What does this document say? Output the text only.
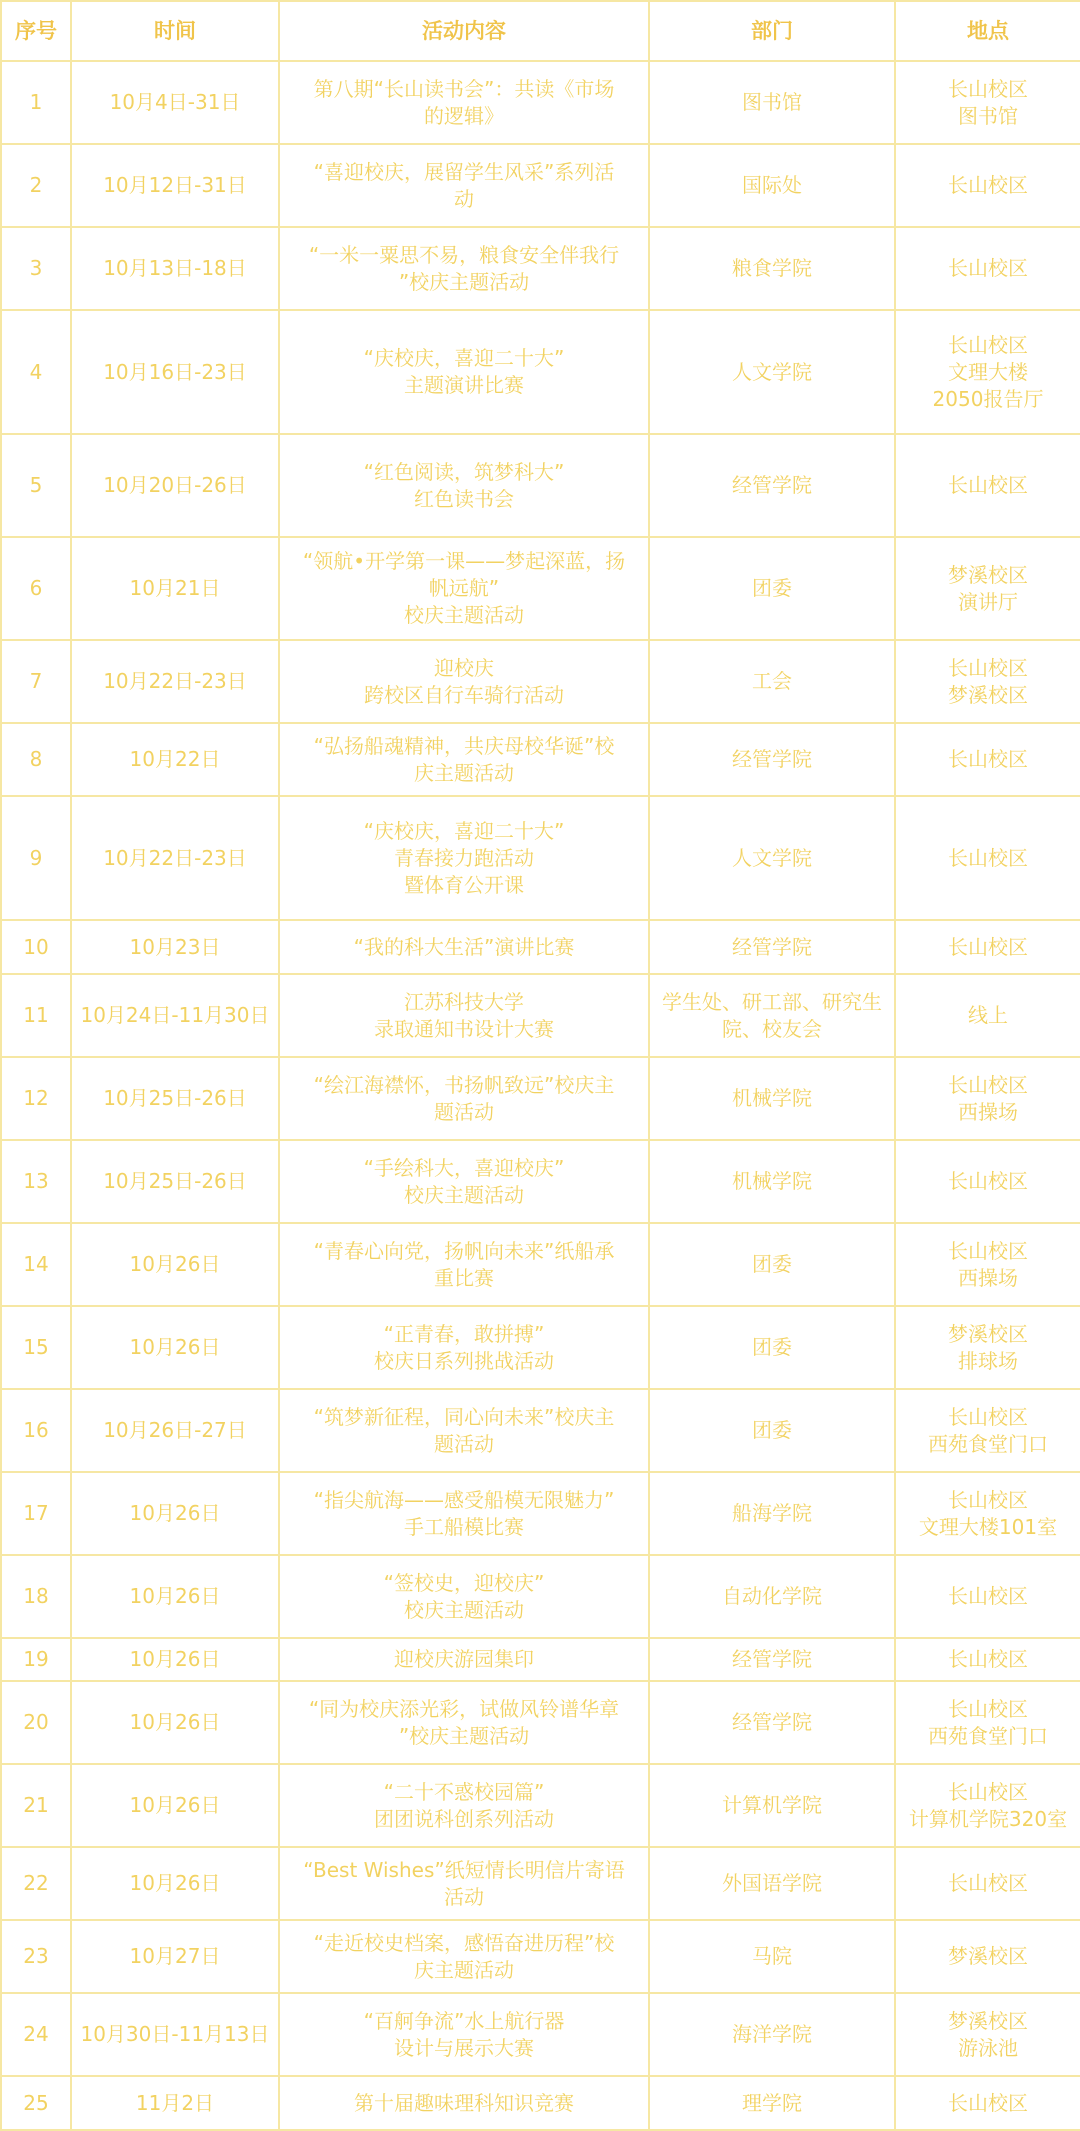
序号	时间	活动内容	部门	地点
1	10月4日-31日	第八期“长山读书会”：共读《市场
的逻辑》	图书馆	长山校区
图书馆

2	10月12日-31日	“喜迎校庆，展留学生风采”系列活
动	国际处	长山校区

3	10月13日-18日	“一米一粟思不易，粮食安全伴我行
”校庆主题活动	粮食学院	长山校区

4	10月16日-23日	“庆校庆，喜迎二十大”
主题演讲比赛	人文学院	长山校区
文理大楼
2050报告厅

5	10月20日-26日	“红色阅读，筑梦科大”
红色读书会	经管学院	长山校区

6	10月21日	“领航•开学第一课——梦起深蓝，扬
帆远航”
校庆主题活动	团委	梦溪校区
演讲厅

7	10月22日-23日	迎校庆
跨校区自行车骑行活动	工会	长山校区
梦溪校区

8	10月22日	“弘扬船魂精神，共庆母校华诞”校
庆主题活动	经管学院	长山校区

9	10月22日-23日	“庆校庆，喜迎二十大”
青春接力跑活动
暨体育公开课	人文学院	长山校区

10	10月23日	“我的科大生活”演讲比赛	经管学院	长山校区

11	10月24日-11月30日	江苏科技大学
录取通知书设计大赛	学生处、研工部、研究生
院、校友会	线上

12	10月25日-26日	“绘江海襟怀，书扬帆致远”校庆主
题活动	机械学院	长山校区
西操场

13	10月25日-26日	“手绘科大，喜迎校庆”
校庆主题活动	机械学院	长山校区

14	10月26日	“青春心向党，扬帆向未来”纸船承
重比赛	团委	长山校区
西操场

15	10月26日	“正青春，敢拼搏”
校庆日系列挑战活动	团委	梦溪校区
排球场

16	10月26日-27日	“筑梦新征程，同心向未来”校庆主
题活动	团委	长山校区
西苑食堂门口

17	10月26日	“指尖航海——感受船模无限魅力”
手工船模比赛	船海学院	长山校区
文理大楼101室

18	10月26日	“签校史，迎校庆”
校庆主题活动	自动化学院	长山校区

19	10月26日	迎校庆游园集印	经管学院	长山校区

20	10月26日	“同为校庆添光彩，试做风铃谱华章
”校庆主题活动	经管学院	长山校区
西苑食堂门口

21	10月26日	“二十不惑校园篇”
团团说科创系列活动	计算机学院	长山校区
计算机学院320室

22	10月26日	“Best Wishes”纸短情长明信片寄语
活动	外国语学院	长山校区

23	10月27日	“走近校史档案，感悟奋进历程”校
庆主题活动	马院	梦溪校区

24	10月30日-11月13日	“百舸争流”水上航行器
设计与展示大赛	海洋学院	梦溪校区
游泳池

25	11月2日	第十届趣味理科知识竞赛	理学院	长山校区
